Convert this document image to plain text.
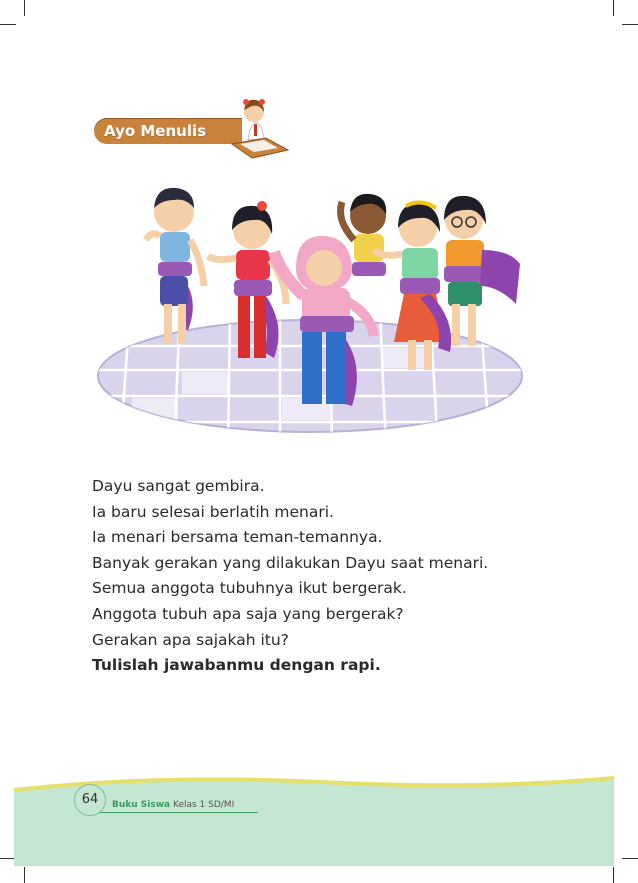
Ayo Menulis
Dayu sangat gembira.
Ia baru selesai berlatih menari.
Ia menari bersama teman-temannya.
Banyak gerakan yang dilakukan Dayu saat menari.
Semua anggota tubuhnya ikut bergerak.
Anggota tubuh apa saja yang bergerak?
Gerakan apa sajakah itu?
Tulislah jawabanmu dengan rapi.
64	Buku Siswa Kelas 1 SD/MI
